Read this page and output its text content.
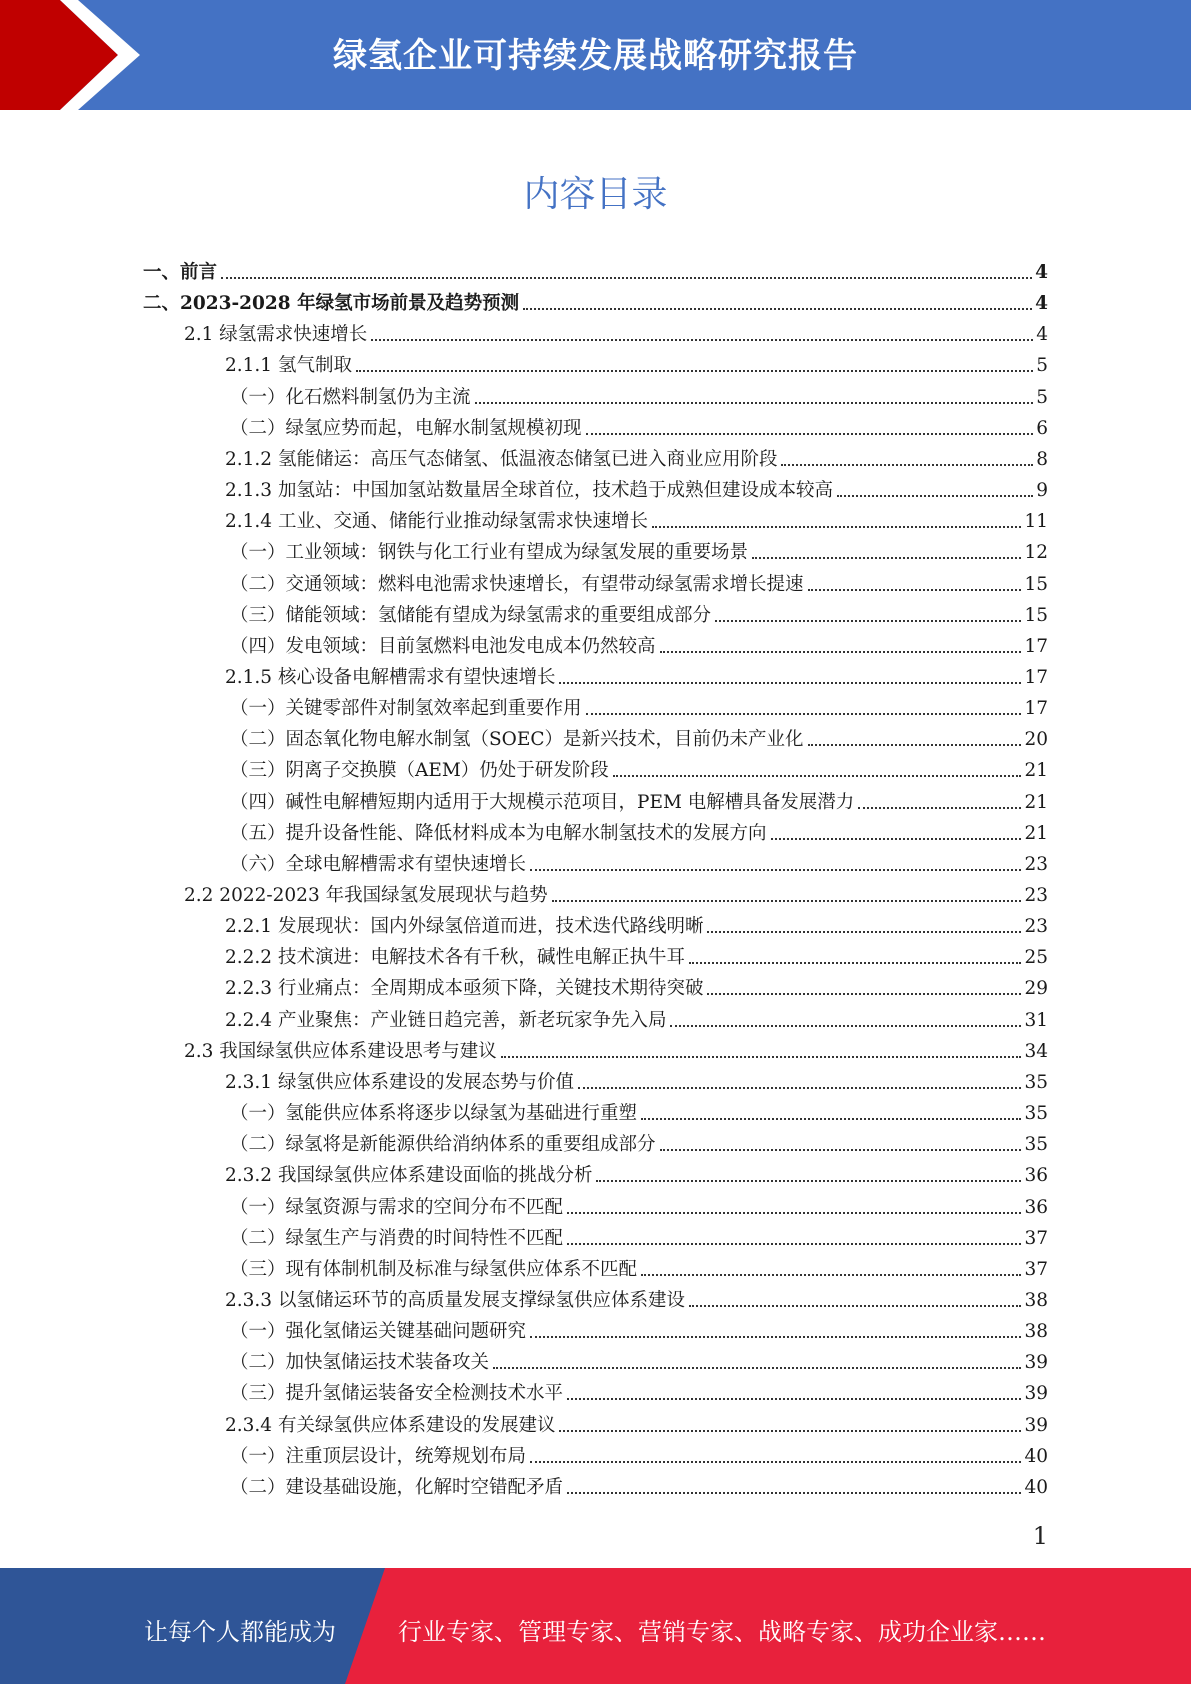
绿氢企业可持续发展战略研究报告
内容目录
一、前言	4
二、2023-2028 年绿氢市场前景及趋势预测	4
2.1 绿氢需求快速增长	4
2.1.1 氢气制取	5
（一）化石燃料制氢仍为主流	5
（二）绿氢应势而起，电解水制氢规模初现	6
2.1.2 氢能储运：高压气态储氢、低温液态储氢已进入商业应用阶段	8
2.1.3 加氢站：中国加氢站数量居全球首位，技术趋于成熟但建设成本较高	9
2.1.4 工业、交通、储能行业推动绿氢需求快速增长	11
（一）工业领域：钢铁与化工行业有望成为绿氢发展的重要场景	12
（二）交通领域：燃料电池需求快速增长，有望带动绿氢需求增长提速	15
（三）储能领域：氢储能有望成为绿氢需求的重要组成部分	15
（四）发电领域：目前氢燃料电池发电成本仍然较高	17
2.1.5 核心设备电解槽需求有望快速增长	17
（一）关键零部件对制氢效率起到重要作用	17
（二）固态氧化物电解水制氢（SOEC）是新兴技术，目前仍未产业化	20
（三）阴离子交换膜（AEM）仍处于研发阶段	21
（四）碱性电解槽短期内适用于大规模示范项目，PEM 电解槽具备发展潜力	21
（五）提升设备性能、降低材料成本为电解水制氢技术的发展方向	21
（六）全球电解槽需求有望快速增长	23
2.2 2022-2023 年我国绿氢发展现状与趋势	23
2.2.1 发展现状：国内外绿氢倍道而进，技术迭代路线明晰	23
2.2.2 技术演进：电解技术各有千秋，碱性电解正执牛耳	25
2.2.3 行业痛点：全周期成本亟须下降，关键技术期待突破	29
2.2.4 产业聚焦：产业链日趋完善，新老玩家争先入局	31
2.3 我国绿氢供应体系建设思考与建议	34
2.3.1 绿氢供应体系建设的发展态势与价值	35
（一）氢能供应体系将逐步以绿氢为基础进行重塑	35
（二）绿氢将是新能源供给消纳体系的重要组成部分	35
2.3.2 我国绿氢供应体系建设面临的挑战分析	36
（一）绿氢资源与需求的空间分布不匹配	36
（二）绿氢生产与消费的时间特性不匹配	37
（三）现有体制机制及标准与绿氢供应体系不匹配	37
2.3.3 以氢储运环节的高质量发展支撑绿氢供应体系建设	38
（一）强化氢储运关键基础问题研究	38
（二）加快氢储运技术装备攻关	39
（三）提升氢储运装备安全检测技术水平	39
2.3.4 有关绿氢供应体系建设的发展建议	39
（一）注重顶层设计，统筹规划布局	40
（二）建设基础设施，化解时空错配矛盾	40
1
让每个人都能成为	行业专家、管理专家、营销专家、战略专家、成功企业家……
